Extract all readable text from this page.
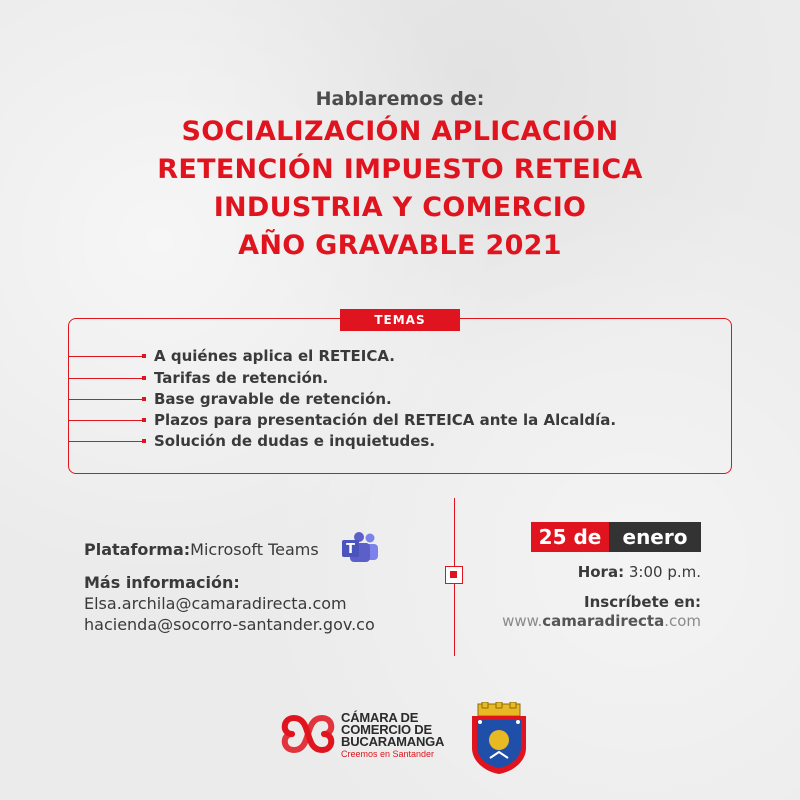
Hablaremos de:
SOCIALIZACIÓN APLICACIÓN
RETENCIÓN IMPUESTO RETEICA
INDUSTRIA Y COMERCIO
AÑO GRAVABLE 2021
TEMAS
A quiénes aplica el RETEICA.
Tarifas de retención.
Base gravable de retención.
Plazos para presentación del RETEICA ante la Alcaldía.
Solución de dudas e inquietudes.
Plataforma:Microsoft Teams T
Más información:
Elsa.archila@camaradirecta.com
hacienda@socorro-santander.gov.co
25 de	enero
Hora: 3:00 p.m.
Inscríbete en:
www.camaradirecta.com
CÁMARA DE
COMERCIO DE
BUCARAMANGA
Creemos en Santander
